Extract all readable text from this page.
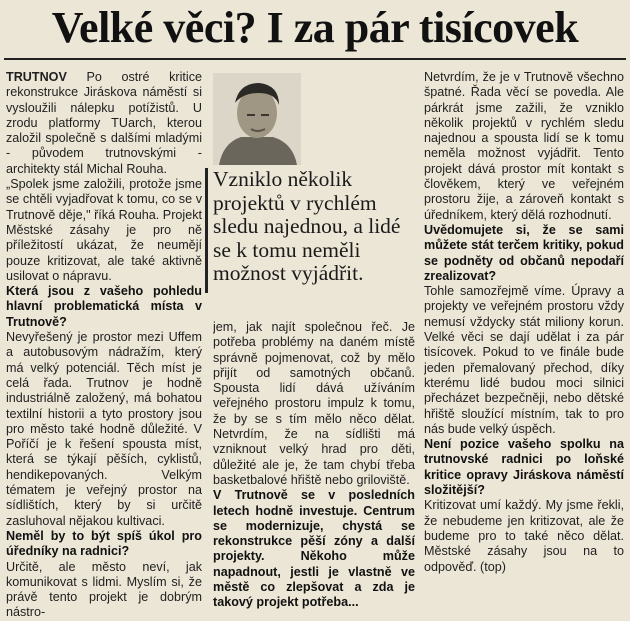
Velké věci? I za pár tisícovek

TRUTNOV Po ostré kritice rekonstrukce Jiráskova náměstí si vysloužili nálepku potížistů. U zrodu platformy TUarch, kterou založil společně s dalšími mladými - původem trutnovskými - architekty stál Michal Rouha.

„Spolek jsme založili, protože jsme se chtěli vyjadřovat k tomu, co se v Trutnově děje," říká Rouha. Projekt Městské zásahy je pro ně příležitostí ukázat, že neumějí pouze kritizovat, ale také aktivně usilovat o nápravu.

Která jsou z vašeho pohledu hlavní problematická místa v Trutnově?

Nevyřešený je prostor mezi Uffem a autobusovým nádražím, který má velký potenciál. Těch míst je celá řada. Trutnov je hodně industriálně založený, má bohatou textilní historii a tyto prostory jsou pro město také hodně důležité. V Poříčí je k řešení spousta míst, která se týkají pěších, cyklistů, hendikepovaných. Velkým tématem je veřejný prostor na sídlištích, který by si určitě zasluhoval nějakou kultivaci.

Neměl by to být spíš úkol pro úředníky na radnici?

Určitě, ale město neví, jak komunikovat s lidmi. Myslím si, že právě tento projekt je dobrým nástro-

Vzniklo několik projektů v rychlém sledu najednou, a lidé se k tomu neměli možnost vyjádřit.

jem, jak najít společnou řeč. Je potřeba problémy na daném místě správně pojmenovat, což by mělo přijít od samotných občanů. Spousta lidí dává užíváním veřejného prostoru impulz k tomu, že by se s tím mělo něco dělat. Netvrdím, že na sídlišti má vzniknout velký hrad pro děti, důležité ale je, že tam chybí třeba basketbalové hřiště nebo griloviště.

V Trutnově se v posledních letech hodně investuje. Centrum se modernizuje, chystá se rekonstrukce pěší zóny a další projekty. Někoho může napadnout, jestli je vlastně ve městě co zlepšovat a zda je takový projekt potřeba...

Netvrdím, že je v Trutnově všechno špatné. Řada věcí se povedla. Ale párkrát jsme zažili, že vzniklo několik projektů v rychlém sledu najednou a spousta lidí se k tomu neměla možnost vyjádřit. Tento projekt dává prostor mít kontakt s člověkem, který ve veřejném prostoru žije, a zároveň kontakt s úředníkem, který dělá rozhodnutí.

Uvědomujete si, že se sami můžete stát terčem kritiky, pokud se podněty od občanů nepodaří zrealizovat?

Tohle samozřejmě víme. Úpravy a projekty ve veřejném prostoru vždy nemusí vždycky stát miliony korun. Velké věci se dají udělat i za pár tisícovek. Pokud to ve finále bude jeden přemalovaný přechod, díky kterému lidé budou moci silnici přecházet bezpečněji, nebo dětské hřiště sloužící místním, tak to pro nás bude velký úspěch.

Není pozice vašeho spolku na trutnovské radnici po loňské kritice opravy Jiráskova náměstí složitější?

Kritizovat umí každý. My jsme řekli, že nebudeme jen kritizovat, ale že budeme pro to také něco dělat. Městské zásahy jsou na to odpověď. (top)
